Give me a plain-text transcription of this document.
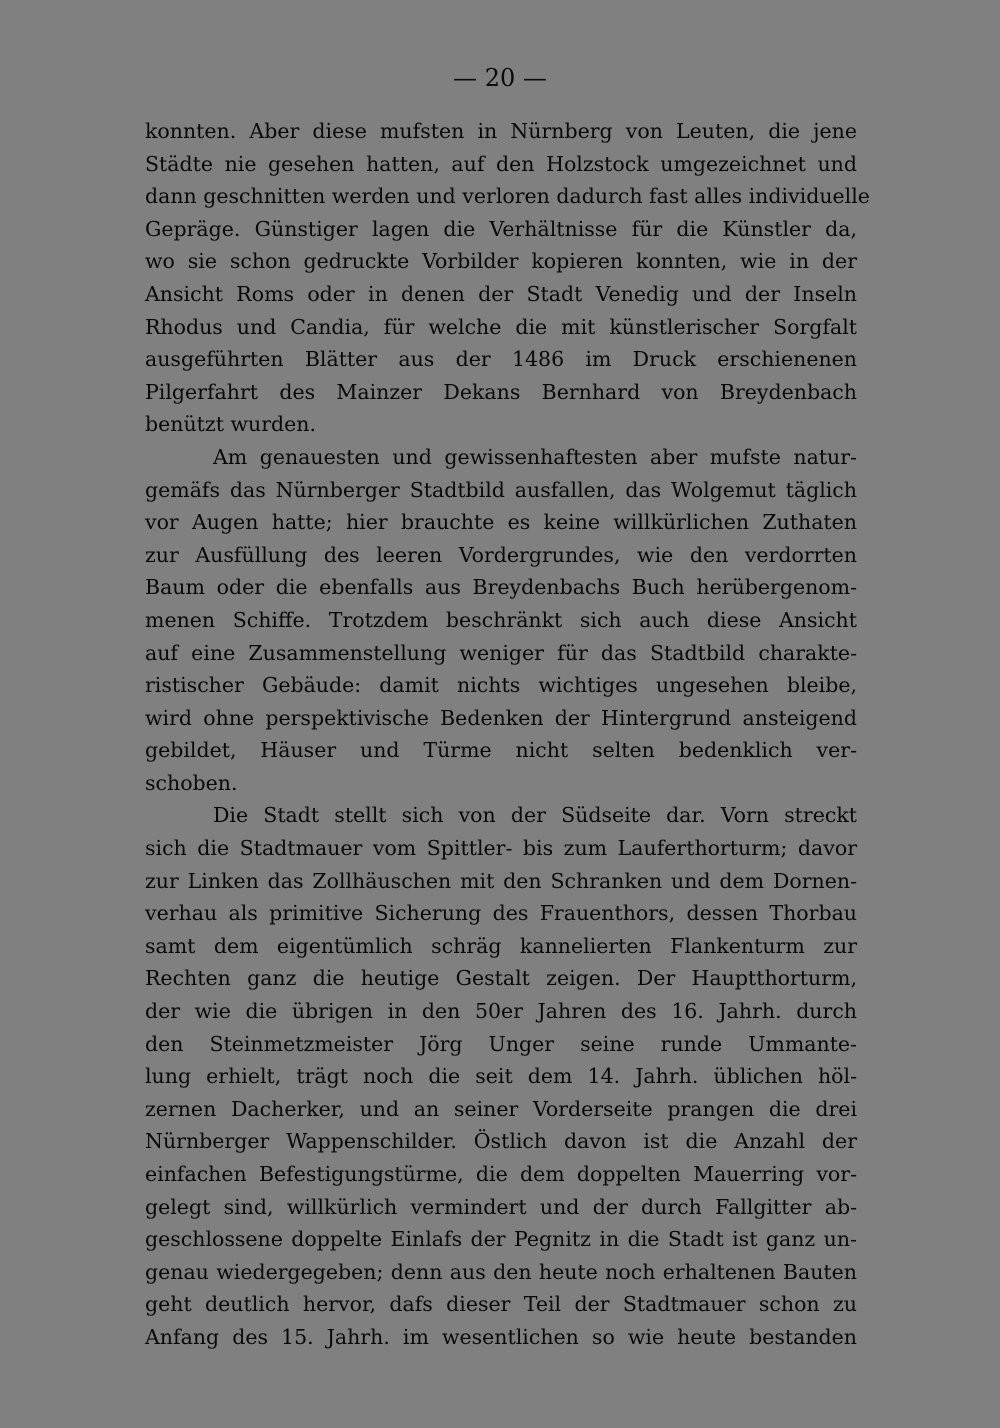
— 20 —
konnten. Aber diese mufsten in Nürnberg von Leuten, die jene
Städte nie gesehen hatten, auf den Holzstock umgezeichnet und
dann geschnitten werden und verloren dadurch fast alles individuelle
Gepräge. Günstiger lagen die Verhältnisse für die Künstler da,
wo sie schon gedruckte Vorbilder kopieren konnten, wie in der
Ansicht Roms oder in denen der Stadt Venedig und der Inseln
Rhodus und Candia, für welche die mit künstlerischer Sorgfalt
ausgeführten Blätter aus der 1486 im Druck erschienenen
Pilgerfahrt des Mainzer Dekans Bernhard von Breydenbach
benützt wurden.
Am genauesten und gewissenhaftesten aber mufste natur-
gemäfs das Nürnberger Stadtbild ausfallen, das Wolgemut täglich
vor Augen hatte; hier brauchte es keine willkürlichen Zuthaten
zur Ausfüllung des leeren Vordergrundes, wie den verdorrten
Baum oder die ebenfalls aus Breydenbachs Buch herübergenom-
menen Schiffe. Trotzdem beschränkt sich auch diese Ansicht
auf eine Zusammenstellung weniger für das Stadtbild charakte-
ristischer Gebäude: damit nichts wichtiges ungesehen bleibe,
wird ohne perspektivische Bedenken der Hintergrund ansteigend
gebildet, Häuser und Türme nicht selten bedenklich ver-
schoben.
Die Stadt stellt sich von der Südseite dar. Vorn streckt
sich die Stadtmauer vom Spittler- bis zum Lauferthorturm; davor
zur Linken das Zollhäuschen mit den Schranken und dem Dornen-
verhau als primitive Sicherung des Frauenthors, dessen Thorbau
samt dem eigentümlich schräg kannelierten Flankenturm zur
Rechten ganz die heutige Gestalt zeigen. Der Hauptthorturm,
der wie die übrigen in den 50er Jahren des 16. Jahrh. durch
den Steinmetzmeister Jörg Unger seine runde Ummante-
lung erhielt, trägt noch die seit dem 14. Jahrh. üblichen höl-
zernen Dacherker, und an seiner Vorderseite prangen die drei
Nürnberger Wappenschilder. Östlich davon ist die Anzahl der
einfachen Befestigungstürme, die dem doppelten Mauerring vor-
gelegt sind, willkürlich vermindert und der durch Fallgitter ab-
geschlossene doppelte Einlafs der Pegnitz in die Stadt ist ganz un-
genau wiedergegeben; denn aus den heute noch erhaltenen Bauten
geht deutlich hervor, dafs dieser Teil der Stadtmauer schon zu
Anfang des 15. Jahrh. im wesentlichen so wie heute bestanden
